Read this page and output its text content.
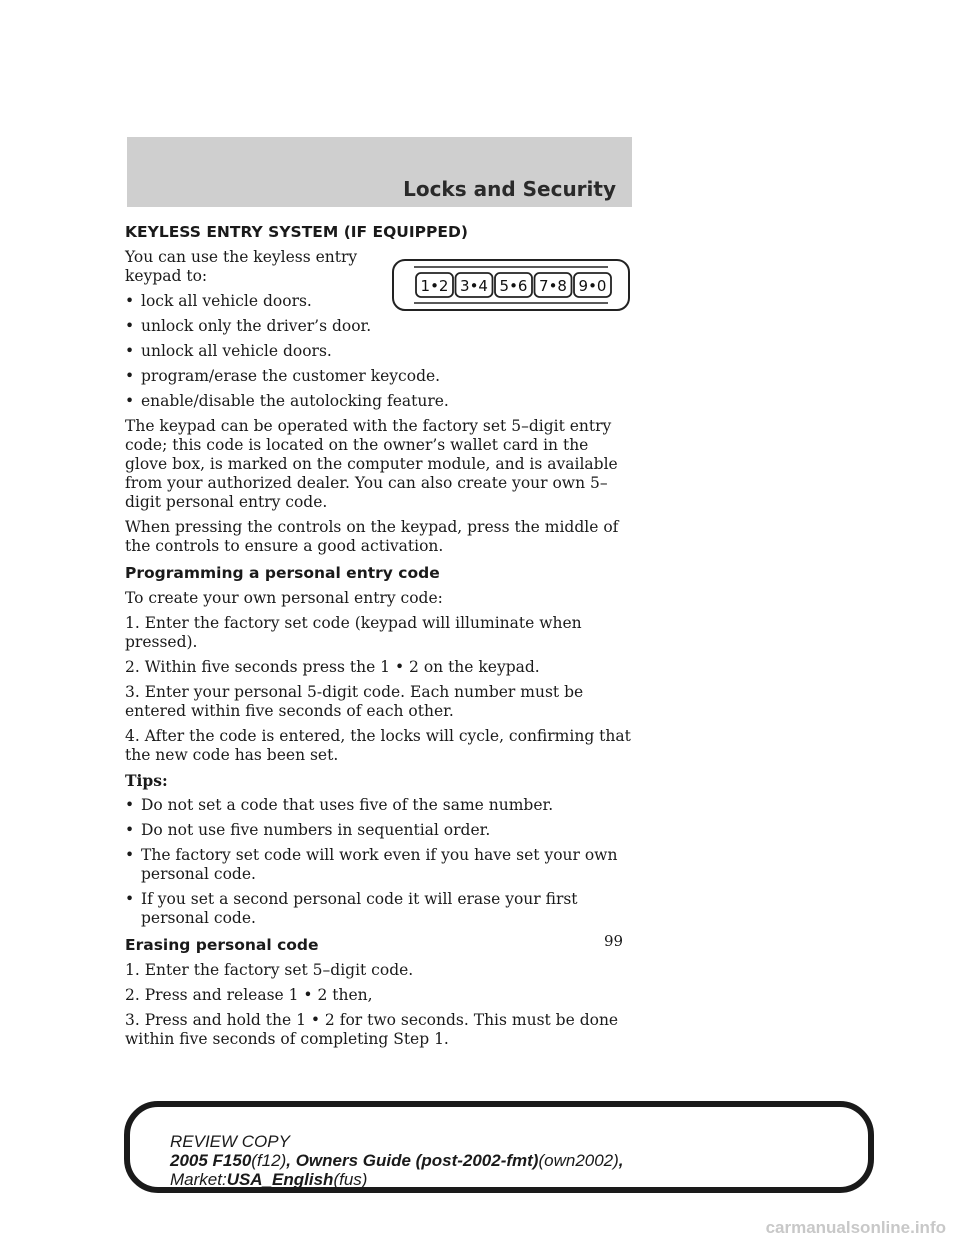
Locks and Security
1•2 3•4 5•6 7•8 9•0
KEYLESS ENTRY SYSTEM (IF EQUIPPED)

You can use the keyless entry keypad to:

• lock all vehicle doors.
• unlock only the driver’s door.
• unlock all vehicle doors.
• program/erase the customer keycode.
• enable/disable the autolocking feature.

The keypad can be operated with the factory set 5–digit entry code; this code is located on the owner’s wallet card in the glove box, is marked on the computer module, and is available from your authorized dealer. You can also create your own 5–digit personal entry code.

When pressing the controls on the keypad, press the middle of the controls to ensure a good activation.

Programming a personal entry code

To create your own personal entry code:

1. Enter the factory set code (keypad will illuminate when pressed).

2. Within five seconds press the 1 • 2 on the keypad.

3. Enter your personal 5-digit code. Each number must be entered within five seconds of each other.

4. After the code is entered, the locks will cycle, confirming that the new code has been set.

Tips:

• Do not set a code that uses five of the same number.
• Do not use five numbers in sequential order.
• The factory set code will work even if you have set your own personal code.
• If you set a second personal code it will erase your first personal code.
Erasing personal code

1. Enter the factory set 5–digit code.

2. Press and release 1 • 2 then,

3. Press and hold the 1 • 2 for two seconds. This must be done within five seconds of completing Step 1.

99
REVIEW COPY
2005 F150(f12), Owners Guide (post-2002-fmt)(own2002),
Market:USA_English(fus)
carmanualsonline.info
